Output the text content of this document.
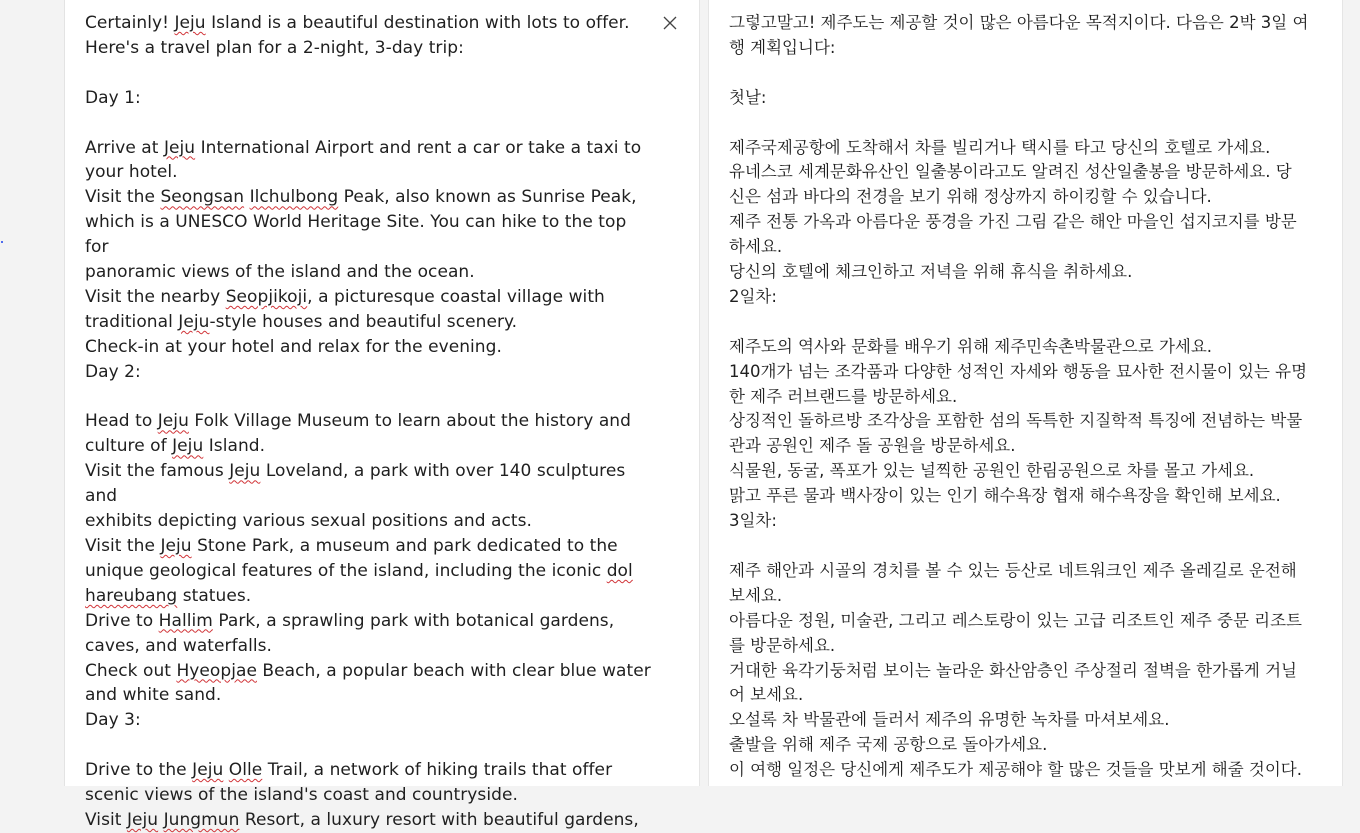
Certainly! Jeju Island is a beautiful destination with lots to offer.
Here's a travel plan for a 2-night, 3-day trip:
Day 1:
Arrive at Jeju International Airport and rent a car or take a taxi to
your hotel.
Visit the Seongsan Ilchulbong Peak, also known as Sunrise Peak,
which is a UNESCO World Heritage Site. You can hike to the top for
panoramic views of the island and the ocean.
Visit the nearby Seopjikoji, a picturesque coastal village with
traditional Jeju-style houses and beautiful scenery.
Check-in at your hotel and relax for the evening.
Day 2:
Head to Jeju Folk Village Museum to learn about the history and
culture of Jeju Island.
Visit the famous Jeju Loveland, a park with over 140 sculptures and
exhibits depicting various sexual positions and acts.
Visit the Jeju Stone Park, a museum and park dedicated to the
unique geological features of the island, including the iconic dol
hareubang statues.
Drive to Hallim Park, a sprawling park with botanical gardens,
caves, and waterfalls.
Check out Hyeopjae Beach, a popular beach with clear blue water
and white sand.
Day 3:
Drive to the Jeju Olle Trail, a network of hiking trails that offer
scenic views of the island's coast and countryside.
Visit Jeju Jungmun Resort, a luxury resort with beautiful gardens,
그렇고말고! 제주도는 제공할 것이 많은 아름다운 목적지이다. 다음은 2박 3일 여
행 계획입니다:
첫날:
제주국제공항에 도착해서 차를 빌리거나 택시를 타고 당신의 호텔로 가세요.
유네스코 세계문화유산인 일출봉이라고도 알려진 성산일출봉을 방문하세요. 당
신은 섬과 바다의 전경을 보기 위해 정상까지 하이킹할 수 있습니다.
제주 전통 가옥과 아름다운 풍경을 가진 그림 같은 해안 마을인 섭지코지를 방문
하세요.
당신의 호텔에 체크인하고 저녁을 위해 휴식을 취하세요.
2일차:
제주도의 역사와 문화를 배우기 위해 제주민속촌박물관으로 가세요.
140개가 넘는 조각품과 다양한 성적인 자세와 행동을 묘사한 전시물이 있는 유명
한 제주 러브랜드를 방문하세요.
상징적인 돌하르방 조각상을 포함한 섬의 독특한 지질학적 특징에 전념하는 박물
관과 공원인 제주 돌 공원을 방문하세요.
식물원, 동굴, 폭포가 있는 널찍한 공원인 한림공원으로 차를 몰고 가세요.
맑고 푸른 물과 백사장이 있는 인기 해수욕장 협재 해수욕장을 확인해 보세요.
3일차:
제주 해안과 시골의 경치를 볼 수 있는 등산로 네트워크인 제주 올레길로 운전해
보세요.
아름다운 정원, 미술관, 그리고 레스토랑이 있는 고급 리조트인 제주 중문 리조트
를 방문하세요.
거대한 육각기둥처럼 보이는 놀라운 화산암층인 주상절리 절벽을 한가롭게 거닐
어 보세요.
오설록 차 박물관에 들러서 제주의 유명한 녹차를 마셔보세요.
출발을 위해 제주 국제 공항으로 돌아가세요.
이 여행 일정은 당신에게 제주도가 제공해야 할 많은 것들을 맛보게 해줄 것이다.
